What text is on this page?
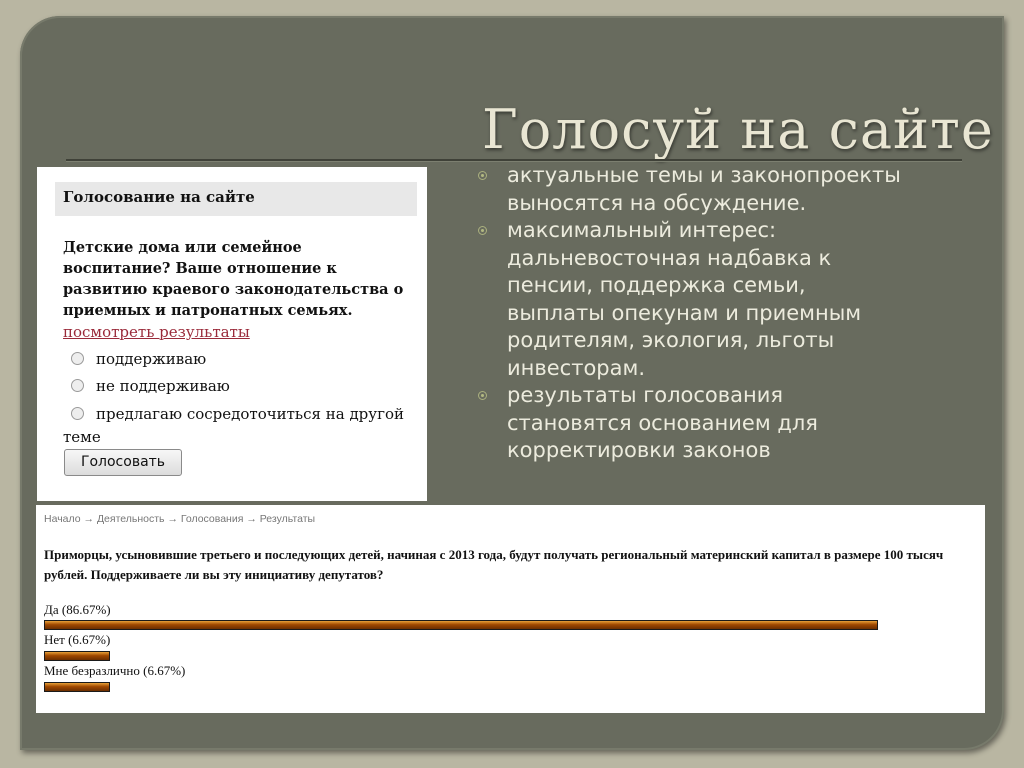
Голосуй на сайте
Голосование на сайте
Детские дома или семейное воспитание? Ваше отношение к развитию краевого законодательства о приемных и патронатных семьях.
посмотреть результаты
поддерживаю
не поддерживаю
предлагаю сосредоточиться на другой
теме
Голосовать
актуальные темы и законопроекты выносятся на обсуждение.
максимальный интерес: дальневосточная надбавка к пенсии, поддержка семьи, выплаты опекунам и приемным родителям, экология, льготы инвесторам.
результаты голосования становятся основанием для корректировки законов
Начало → Деятельность → Голосования → Результаты
Приморцы, усыновившие третьего и последующих детей, начиная с 2013 года, будут получать региональный материнский капитал в размере 100 тысяч рублей. Поддерживаете ли вы эту инициативу депутатов?
Да (86.67%)
Нет (6.67%)
Мне безразлично (6.67%)
